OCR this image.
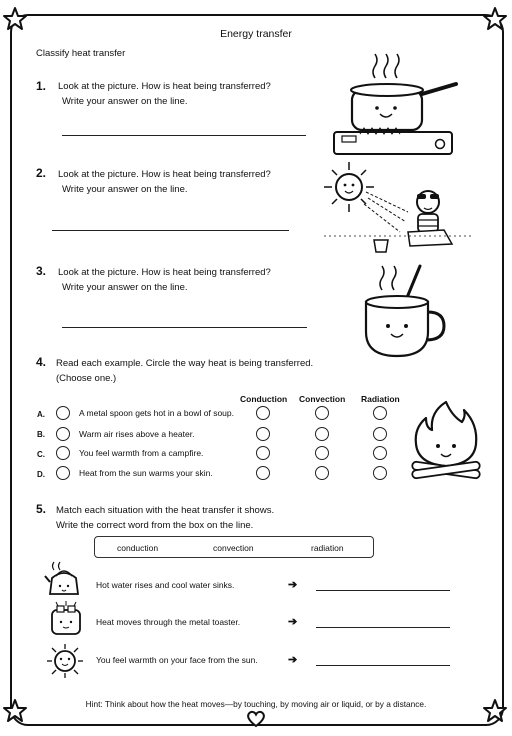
Energy transfer
Classify heat transfer
1. Look at the picture. How is heat being transferred?
Write your answer on the line.
2. Look at the picture. How is heat being transferred?
Write your answer on the line.
3. Look at the picture. How is heat being transferred?
Write your answer on the line.
4. Read each example. Circle the way heat is being transferred.
(Choose one.)
Conduction Convection Radiation
A.	A metal spoon gets hot in a bowl of soup.
B.	Warm air rises above a heater.
C.	You feel warmth from a campfire.
D.	Heat from the sun warms your skin.
5. Match each situation with the heat transfer it shows.
Write the correct word from the box on the line.
conduction	convection	radiation
Hot water rises and cool water sinks.	➔
Heat moves through the metal toaster.	➔
You feel warmth on your face from the sun.	➔
Hint: Think about how the heat moves—by touching, by moving air or liquid, or by a distance.
